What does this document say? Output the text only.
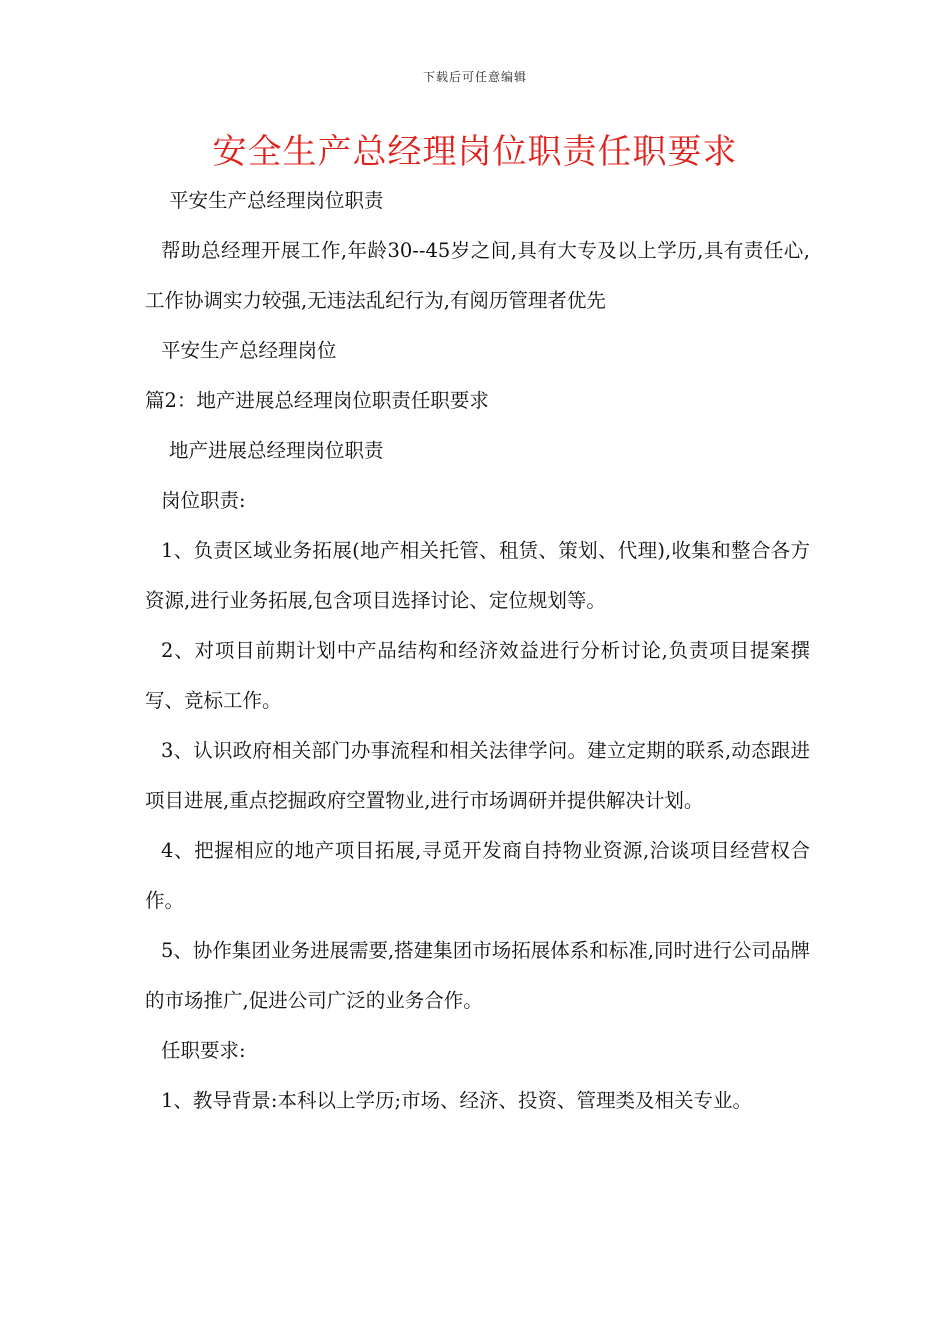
下载后可任意编辑
安全生产总经理岗位职责任职要求

平安生产总经理岗位职责

帮助总经理开展工作,年龄30--45岁之间,具有大专及以上学历,具有责任心,工作协调实力较强,无违法乱纪行为,有阅历管理者优先

平安生产总经理岗位

篇2：地产进展总经理岗位职责任职要求

地产进展总经理岗位职责

岗位职责:

1、负责区域业务拓展(地产相关托管、租赁、策划、代理),收集和整合各方资源,进行业务拓展,包含项目选择讨论、定位规划等。

2、对项目前期计划中产品结构和经济效益进行分析讨论,负责项目提案撰写、竞标工作。

3、认识政府相关部门办事流程和相关法律学问。建立定期的联系,动态跟进项目进展,重点挖掘政府空置物业,进行市场调研并提供解决计划。

4、把握相应的地产项目拓展,寻觅开发商自持物业资源,洽谈项目经营权合作。

5、协作集团业务进展需要,搭建集团市场拓展体系和标准,同时进行公司品牌的市场推广,促进公司广泛的业务合作。

任职要求:

1、教导背景:本科以上学历;市场、经济、投资、管理类及相关专业。
